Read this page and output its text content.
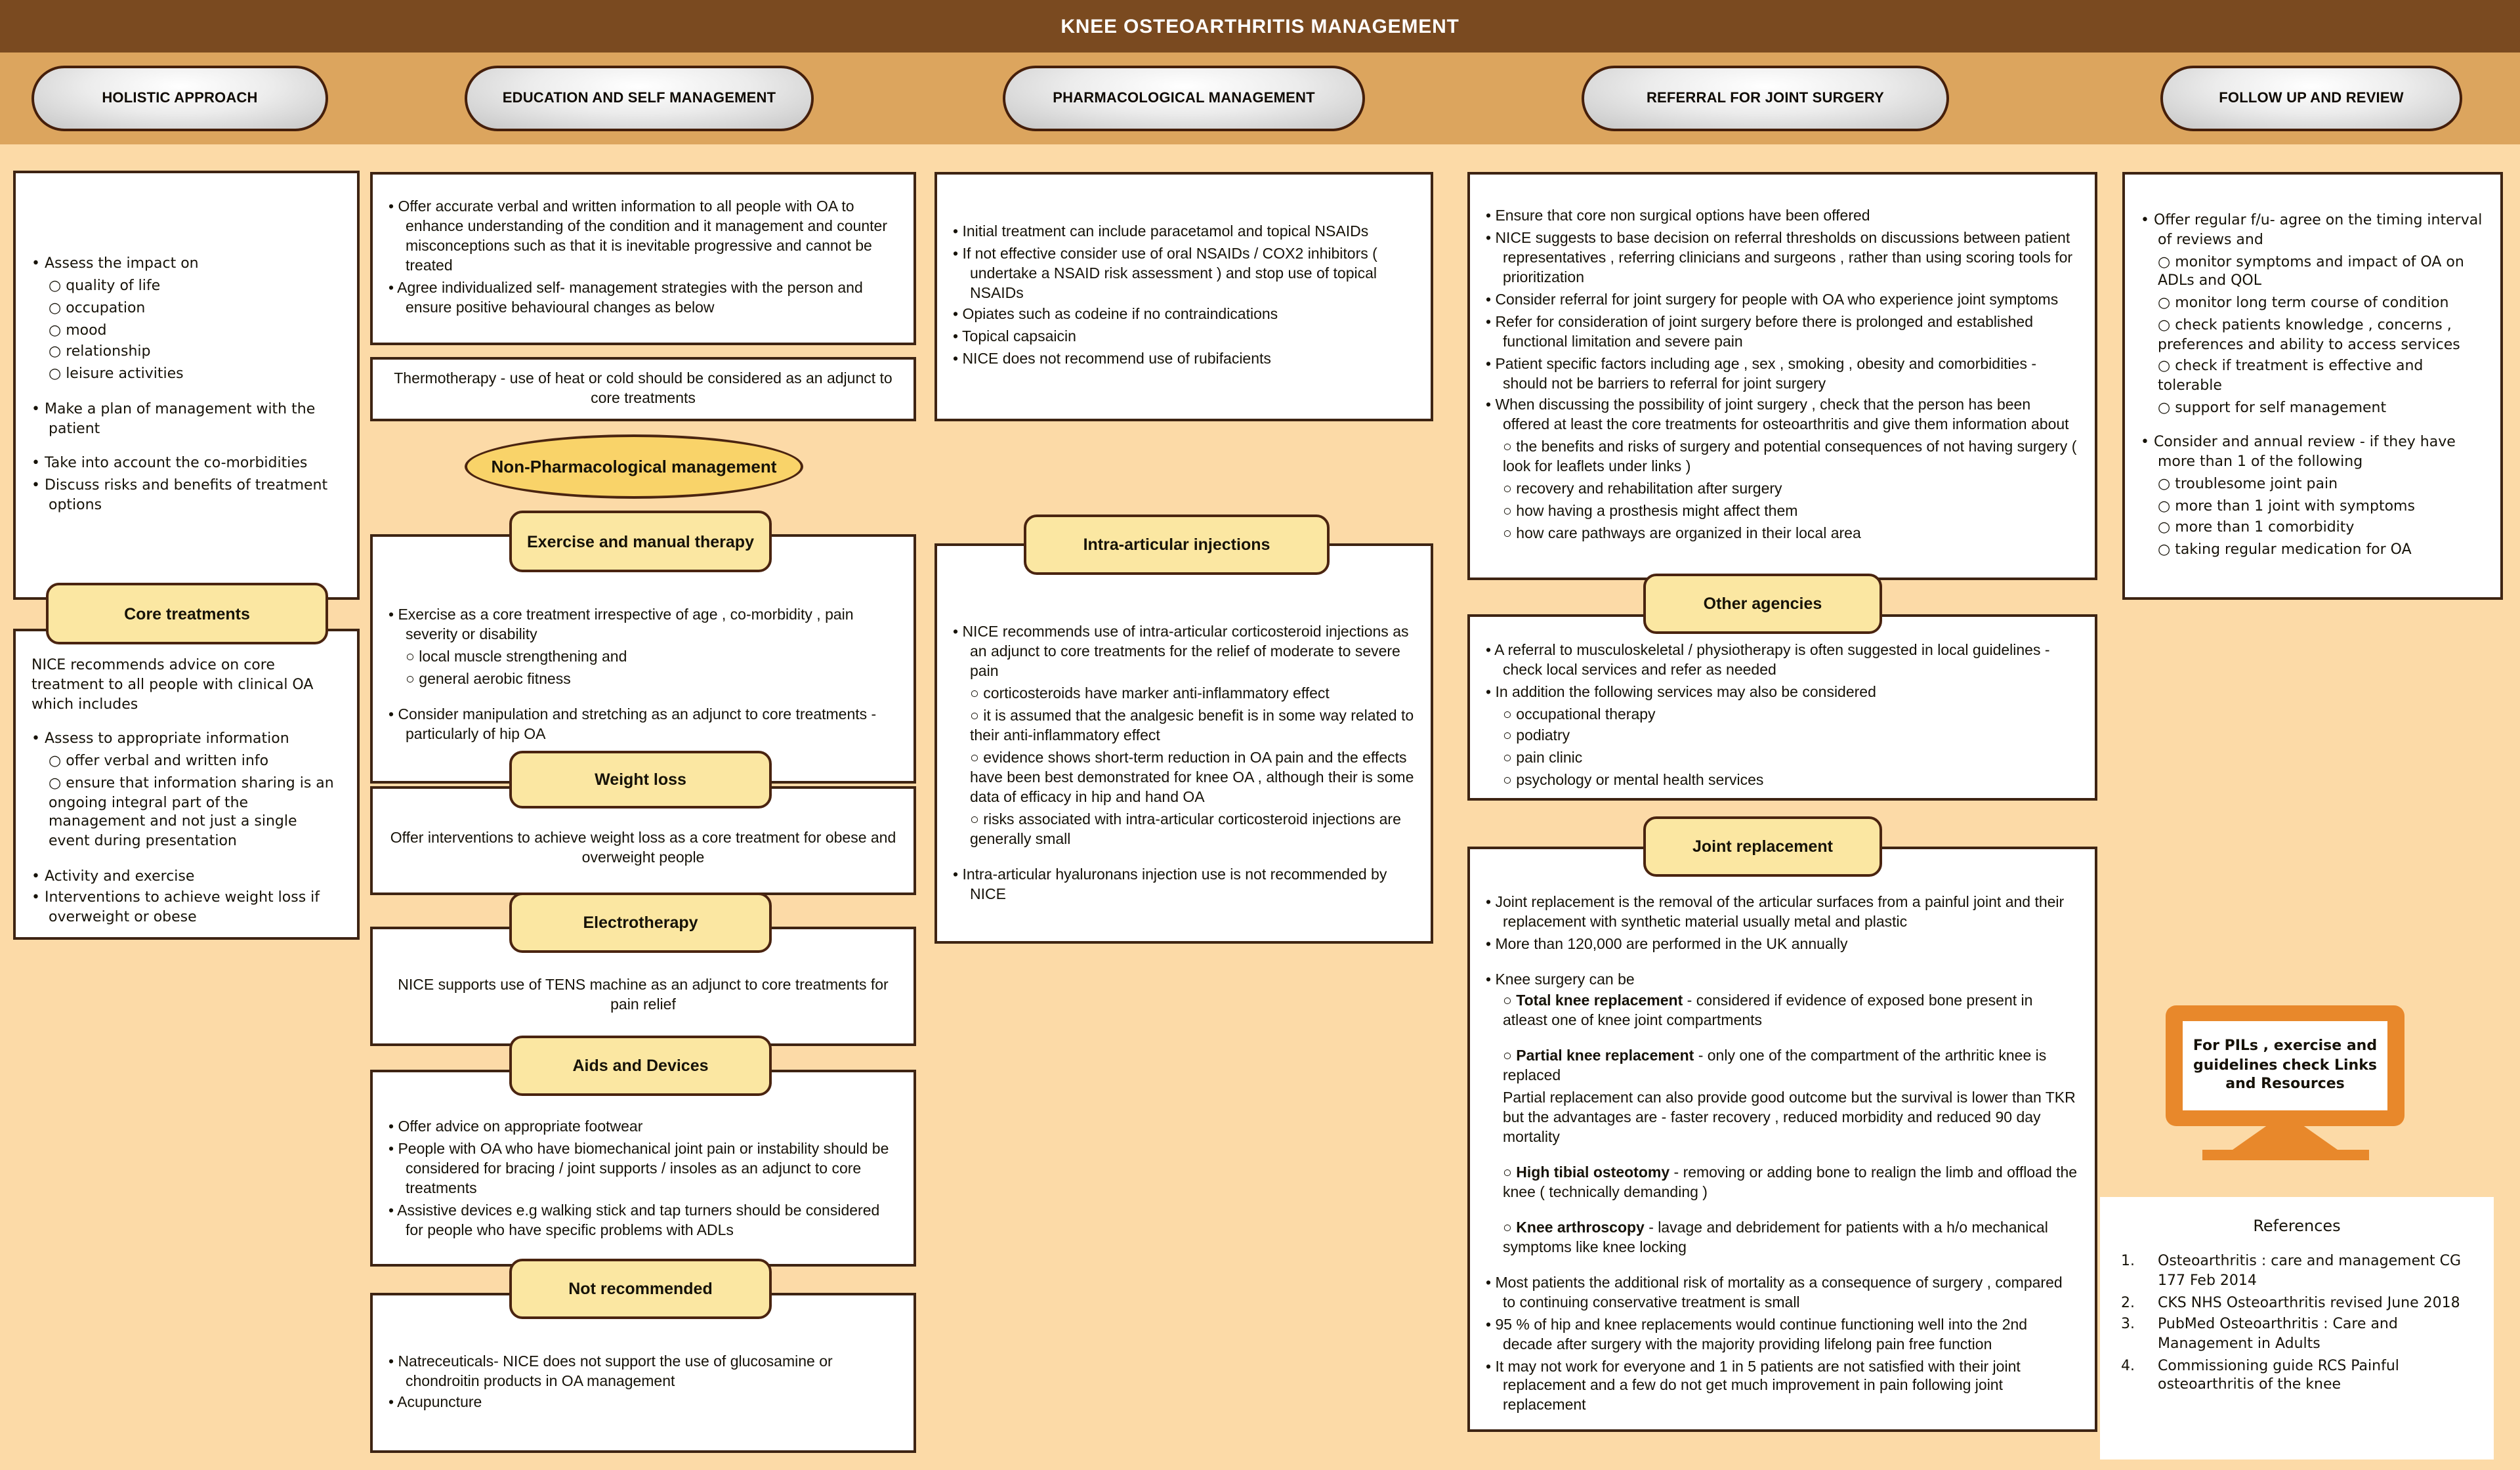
KNEE OSTEOARTHRITIS MANAGEMENT
HOLISTIC APPROACH	EDUCATION AND SELF MANAGEMENT	PHARMACOLOGICAL MANAGEMENT	REFERRAL FOR JOINT SURGERY	FOLLOW UP AND REVIEW
• Assess the impact on
○ quality of life
○ occupation
○ mood
○ relationship
○ leisure activities
• Make a plan of management with the patient
• Take into account the co-morbidities
• Discuss risks and benefits of treatment options
Core treatments
NICE recommends advice on core treatment to all people with clinical OA which includes
• Assess to appropriate information
○ offer verbal and written info
○ ensure that information sharing is an ongoing integral part of the management and not just a single event during presentation
• Activity and exercise
• Interventions to achieve weight loss if overweight or obese
• Offer accurate verbal and written information to all people with OA to enhance understanding of the condition and it management and counter misconceptions such as that it is inevitable progressive and cannot be treated
• Agree individualized self- management strategies with the person and ensure positive behavioural changes as below
Thermotherapy - use of heat or cold should be considered as an adjunct to core treatments
Non-Pharmacological management
Exercise and manual therapy
• Exercise as a core treatment irrespective of age , co-morbidity , pain severity or disability
○ local muscle strengthening and
○ general aerobic fitness
• Consider manipulation and stretching as an adjunct to core treatments - particularly of hip OA
Weight loss
Offer interventions to achieve weight loss as a core treatment for obese and overweight people
Electrotherapy
NICE supports use of TENS machine as an adjunct to core treatments for pain relief
Aids and Devices
• Offer advice on appropriate footwear
• People with OA who have biomechanical joint pain or instability should be considered for bracing / joint supports / insoles as an adjunct to core treatments
• Assistive devices e.g walking stick and tap turners should be considered for people who have specific problems with ADLs
Not recommended
• Natreceuticals- NICE does not support the use of glucosamine or chondroitin products in OA management
• Acupuncture
• Initial treatment can include paracetamol and topical NSAIDs
• If not effective consider use of oral NSAIDs / COX2 inhibitors ( undertake a NSAID risk assessment ) and stop use of topical NSAIDs
• Opiates such as codeine if no contraindications
• Topical capsaicin
• NICE does not recommend use of rubifacients
Intra-articular injections
• NICE recommends use of intra-articular corticosteroid injections as an adjunct to core treatments for the relief of moderate to severe pain
○ corticosteroids have marker anti-inflammatory effect
○ it is assumed that the analgesic benefit is in some way related to their anti-inflammatory effect
○ evidence shows short-term reduction in OA pain and the effects have been best demonstrated for knee OA , although their is some data of efficacy in hip and hand OA
○ risks associated with intra-articular corticosteroid injections are generally small
• Intra-articular hyaluronans injection use is not recommended by NICE
• Ensure that core non surgical options have been offered
• NICE suggests to base decision on referral thresholds on discussions between patient representatives , referring clinicians and surgeons , rather than using scoring tools for prioritization
• Consider referral for joint surgery for people with OA who experience joint symptoms
• Refer for consideration of joint surgery before there is prolonged and established functional limitation and severe pain
• Patient specific factors including age , sex , smoking , obesity and comorbidities - should not be barriers to referral for joint surgery
• When discussing the possibility of joint surgery , check that the person has been offered at least the core treatments for osteoarthritis and give them information about
○ the benefits and risks of surgery and potential consequences of not having surgery ( look for leaflets under links )
○ recovery and rehabilitation after surgery
○ how having a prosthesis might affect them
○ how care pathways are organized in their local area
Other agencies
• A referral to musculoskeletal / physiotherapy is often suggested in local guidelines - check local services and refer as needed
• In addition the following services may also be considered
○ occupational therapy
○ podiatry
○ pain clinic
○ psychology or mental health services
Joint replacement
• Joint replacement is the removal of the articular surfaces from a painful joint and their replacement with synthetic material usually metal and plastic
• More than 120,000 are performed in the UK annually
• Knee surgery can be
○ Total knee replacement - considered if evidence of exposed bone present in atleast one of knee joint compartments
○ Partial knee replacement - only one of the compartment of the arthritic knee is replaced
Partial replacement can also provide good outcome but the survival is lower than TKR but the advantages are - faster recovery , reduced morbidity and reduced 90 day mortality
○ High tibial osteotomy - removing or adding bone to realign the limb and offload the knee ( technically demanding )
○ Knee arthroscopy - lavage and debridement for patients with a h/o mechanical symptoms like knee locking
• Most patients the additional risk of mortality as a consequence of surgery , compared to continuing conservative treatment is small
• 95 % of hip and knee replacements would continue functioning well into the 2nd decade after surgery with the majority providing lifelong pain free function
• It may not work for everyone and 1 in 5 patients are not satisfied with their joint replacement and a few do not get much improvement in pain following joint replacement
• Offer regular f/u- agree on the timing interval of reviews and
○ monitor symptoms and impact of OA on ADLs and QOL
○ monitor long term course of condition
○ check patients knowledge , concerns , preferences and ability to access services
○ check if treatment is effective and tolerable
○ support for self management
• Consider and annual review - if they have more than 1 of the following
○ troublesome joint pain
○ more than 1 joint with symptoms
○ more than 1 comorbidity
○ taking regular medication for OA
For PILs , exercise and guidelines check Links and Resources
References
1.	Osteoarthritis : care and management CG 177 Feb 2014
2.	CKS NHS Osteoarthritis revised June 2018
3.	PubMed Osteoarthritis : Care and Management in Adults
4.	Commissioning guide RCS Painful osteoarthritis of the knee
